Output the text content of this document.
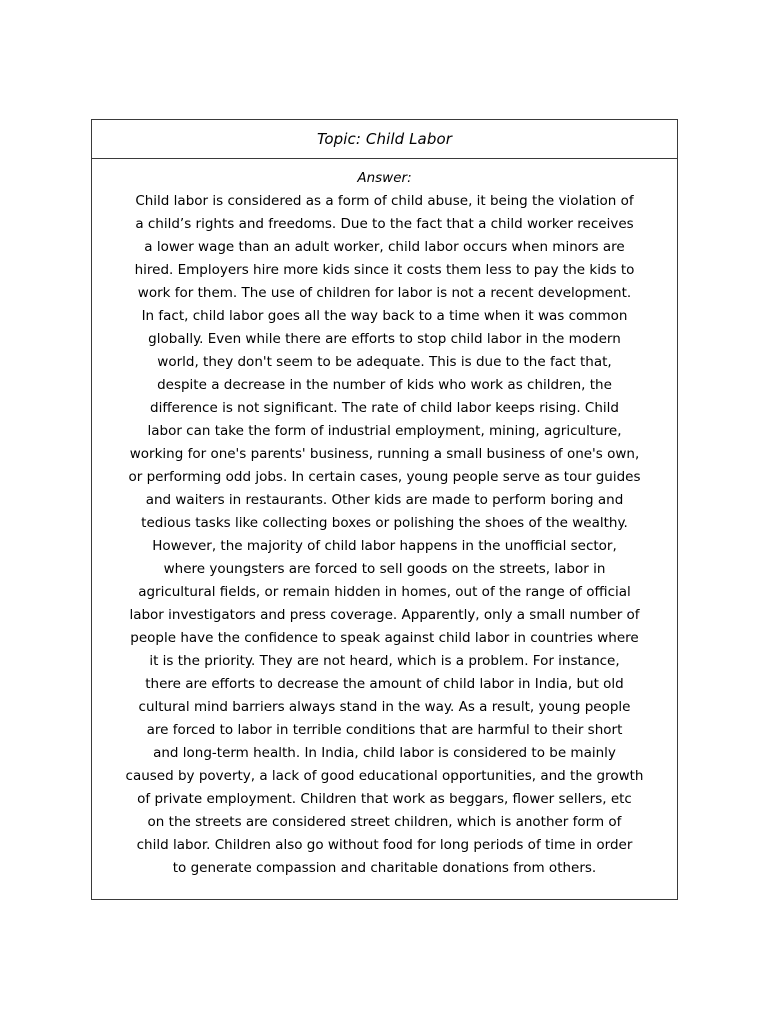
Topic: Child Labor
Answer:
Child labor is considered as a form of child abuse, it being the violation of
a child’s rights and freedoms. Due to the fact that a child worker receives
a lower wage than an adult worker, child labor occurs when minors are
hired. Employers hire more kids since it costs them less to pay the kids to
work for them. The use of children for labor is not a recent development.
In fact, child labor goes all the way back to a time when it was common
globally. Even while there are efforts to stop child labor in the modern
world, they don't seem to be adequate. This is due to the fact that,
despite a decrease in the number of kids who work as children, the
difference is not significant. The rate of child labor keeps rising. Child
labor can take the form of industrial employment, mining, agriculture,
working for one's parents' business, running a small business of one's own,
or performing odd jobs. In certain cases, young people serve as tour guides
and waiters in restaurants. Other kids are made to perform boring and
tedious tasks like collecting boxes or polishing the shoes of the wealthy.
However, the majority of child labor happens in the unofficial sector,
where youngsters are forced to sell goods on the streets, labor in
agricultural fields, or remain hidden in homes, out of the range of official
labor investigators and press coverage. Apparently, only a small number of
people have the confidence to speak against child labor in countries where
it is the priority. They are not heard, which is a problem. For instance,
there are efforts to decrease the amount of child labor in India, but old
cultural mind barriers always stand in the way. As a result, young people
are forced to labor in terrible conditions that are harmful to their short
and long-term health. In India, child labor is considered to be mainly
caused by poverty, a lack of good educational opportunities, and the growth
of private employment. Children that work as beggars, flower sellers, etc
on the streets are considered street children, which is another form of
child labor. Children also go without food for long periods of time in order
to generate compassion and charitable donations from others.
